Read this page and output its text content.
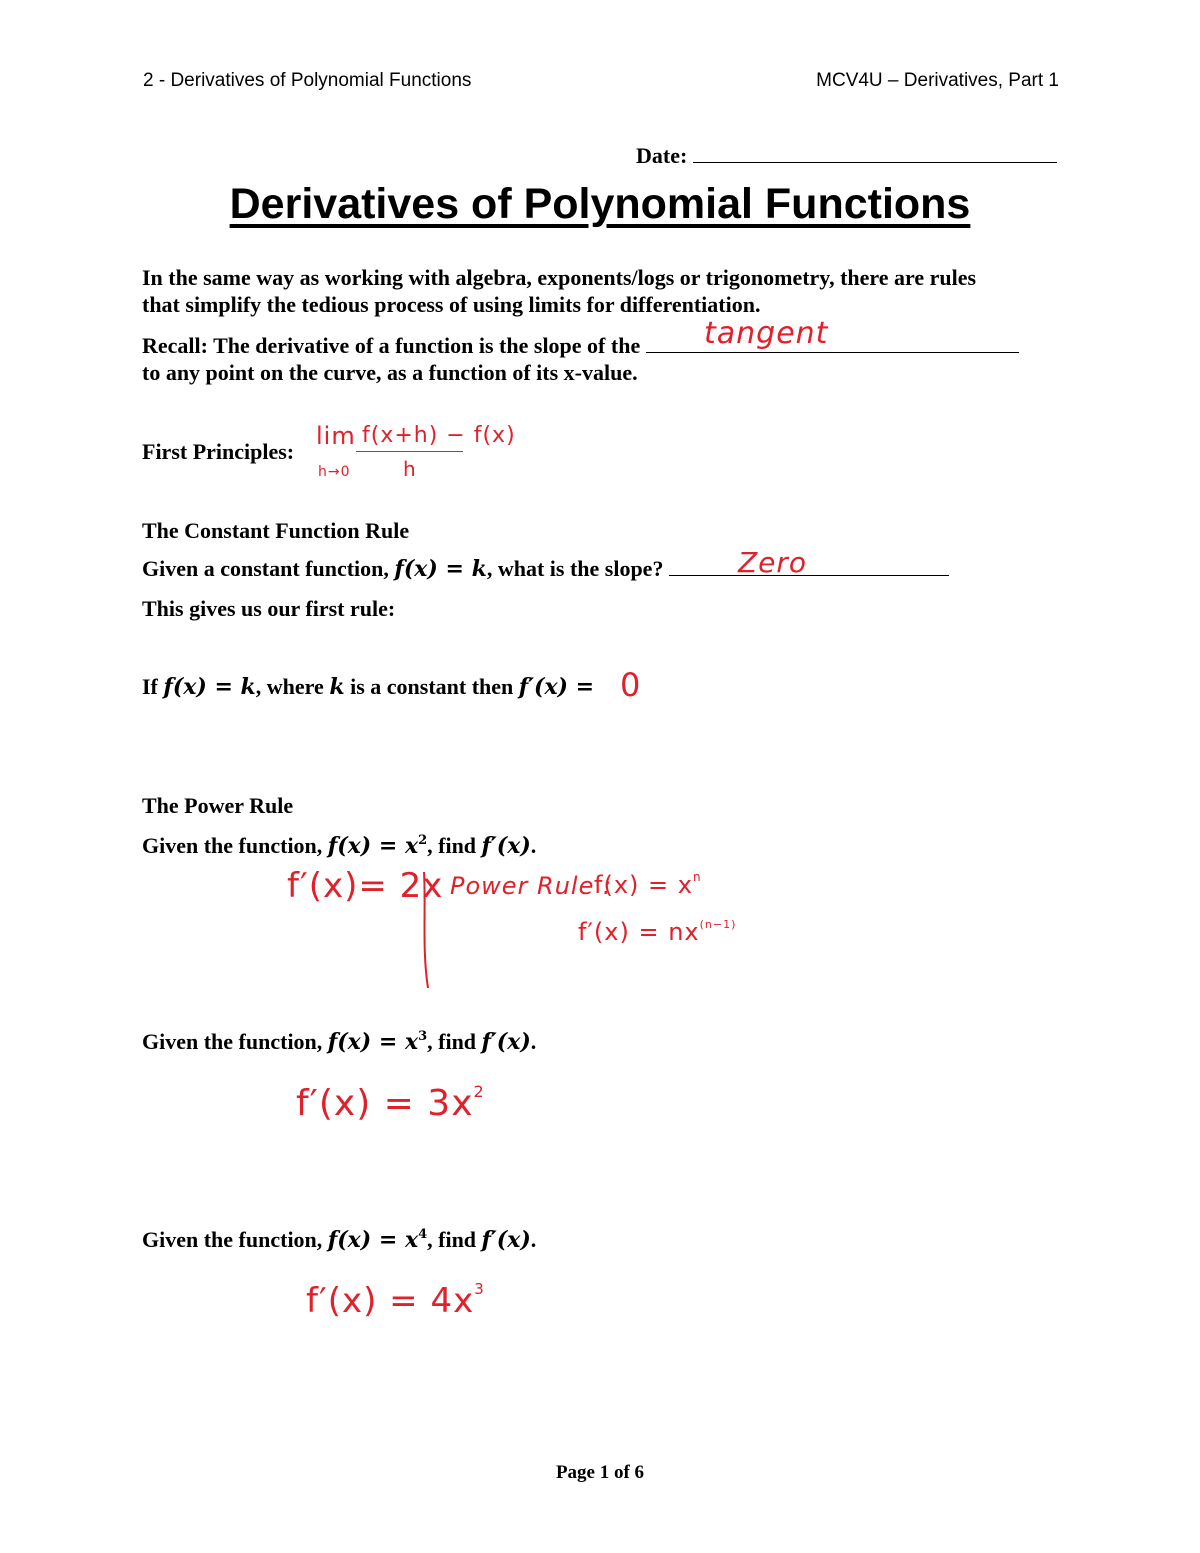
2 - Derivatives of Polynomial Functions	MCV4U – Derivatives, Part 1
Date:
Derivatives of Polynomial Functions
In the same way as working with algebra, exponents/logs or trigonometry, there are rules
that simplify the tedious process of using limits for differentiation.
Recall: The derivative of a function is the slope of the
to any point on the curve, as a function of its x-value.
tangent
First Principles:
lim
h→0
f(x+h) − f(x)
h
The Constant Function Rule
Given a constant function, f(x) = k, what is the slope?	Zero
This gives us our first rule:
If f(x) = k, where k is a constant then f′(x) = 0
The Power Rule
Given the function, $f(x) = x^2$, find f′(x).
f′(x)= 2x Power Rule :
$f(x) = x^n$
$f'(x) = nx^{(n-1)}$
Given the function, $f(x) = x^3$, find f′(x).
$f'(x) = 3x^2$
Given the function, $f(x) = x^4$, find f′(x).
$f'(x) = 4x^3$
Page 1 of 6
